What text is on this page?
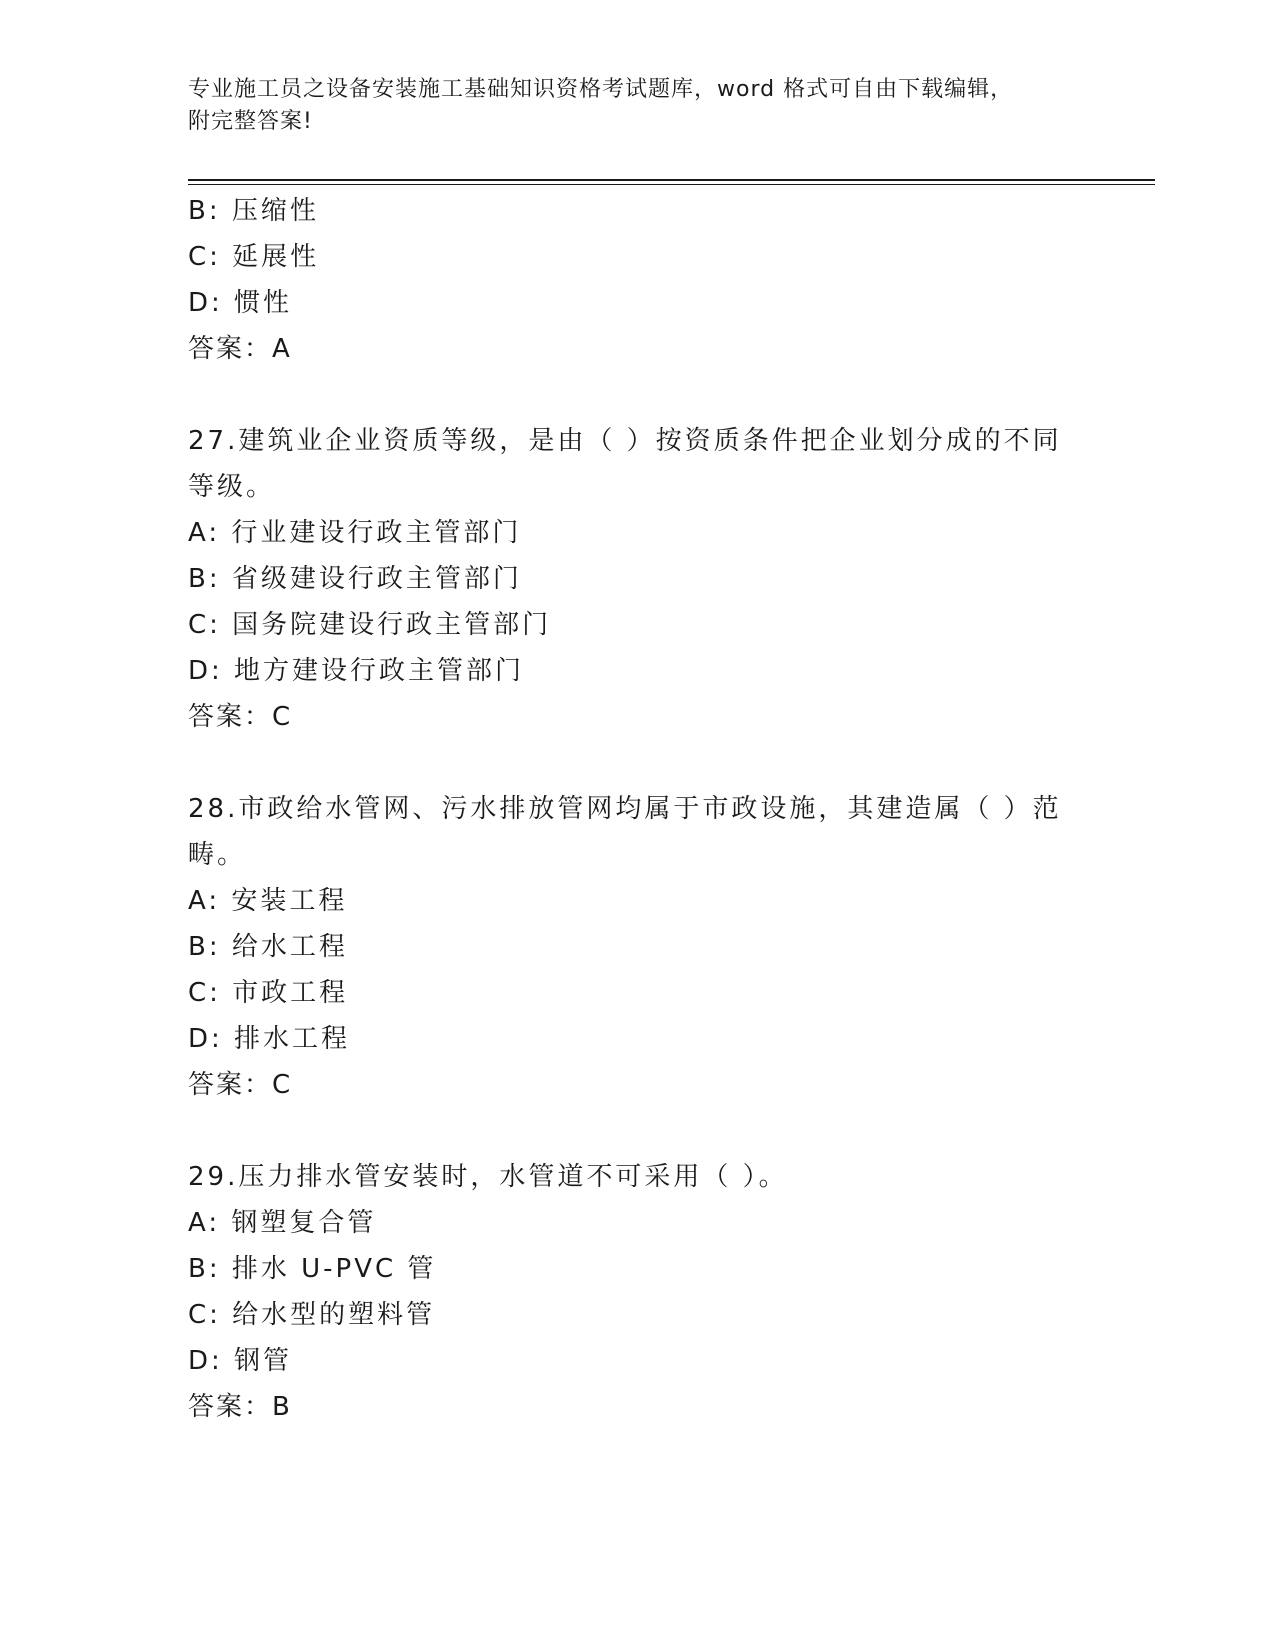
专业施工员之设备安装施工基础知识资格考试题库，word 格式可自由下载编辑，
附完整答案!
B: 压缩性
C: 延展性
D: 惯性
答案：A
27.建筑业企业资质等级，是由（ ）按资质条件把企业划分成的不同
等级。
A: 行业建设行政主管部门
B: 省级建设行政主管部门
C: 国务院建设行政主管部门
D: 地方建设行政主管部门
答案：C
28.市政给水管网、污水排放管网均属于市政设施，其建造属（ ）范
畴。
A: 安装工程
B: 给水工程
C: 市政工程
D: 排水工程
答案：C
29.压力排水管安装时，水管道不可采用（ ）。
A: 钢塑复合管
B: 排水 U-PVC 管
C: 给水型的塑料管
D: 钢管
答案：B
